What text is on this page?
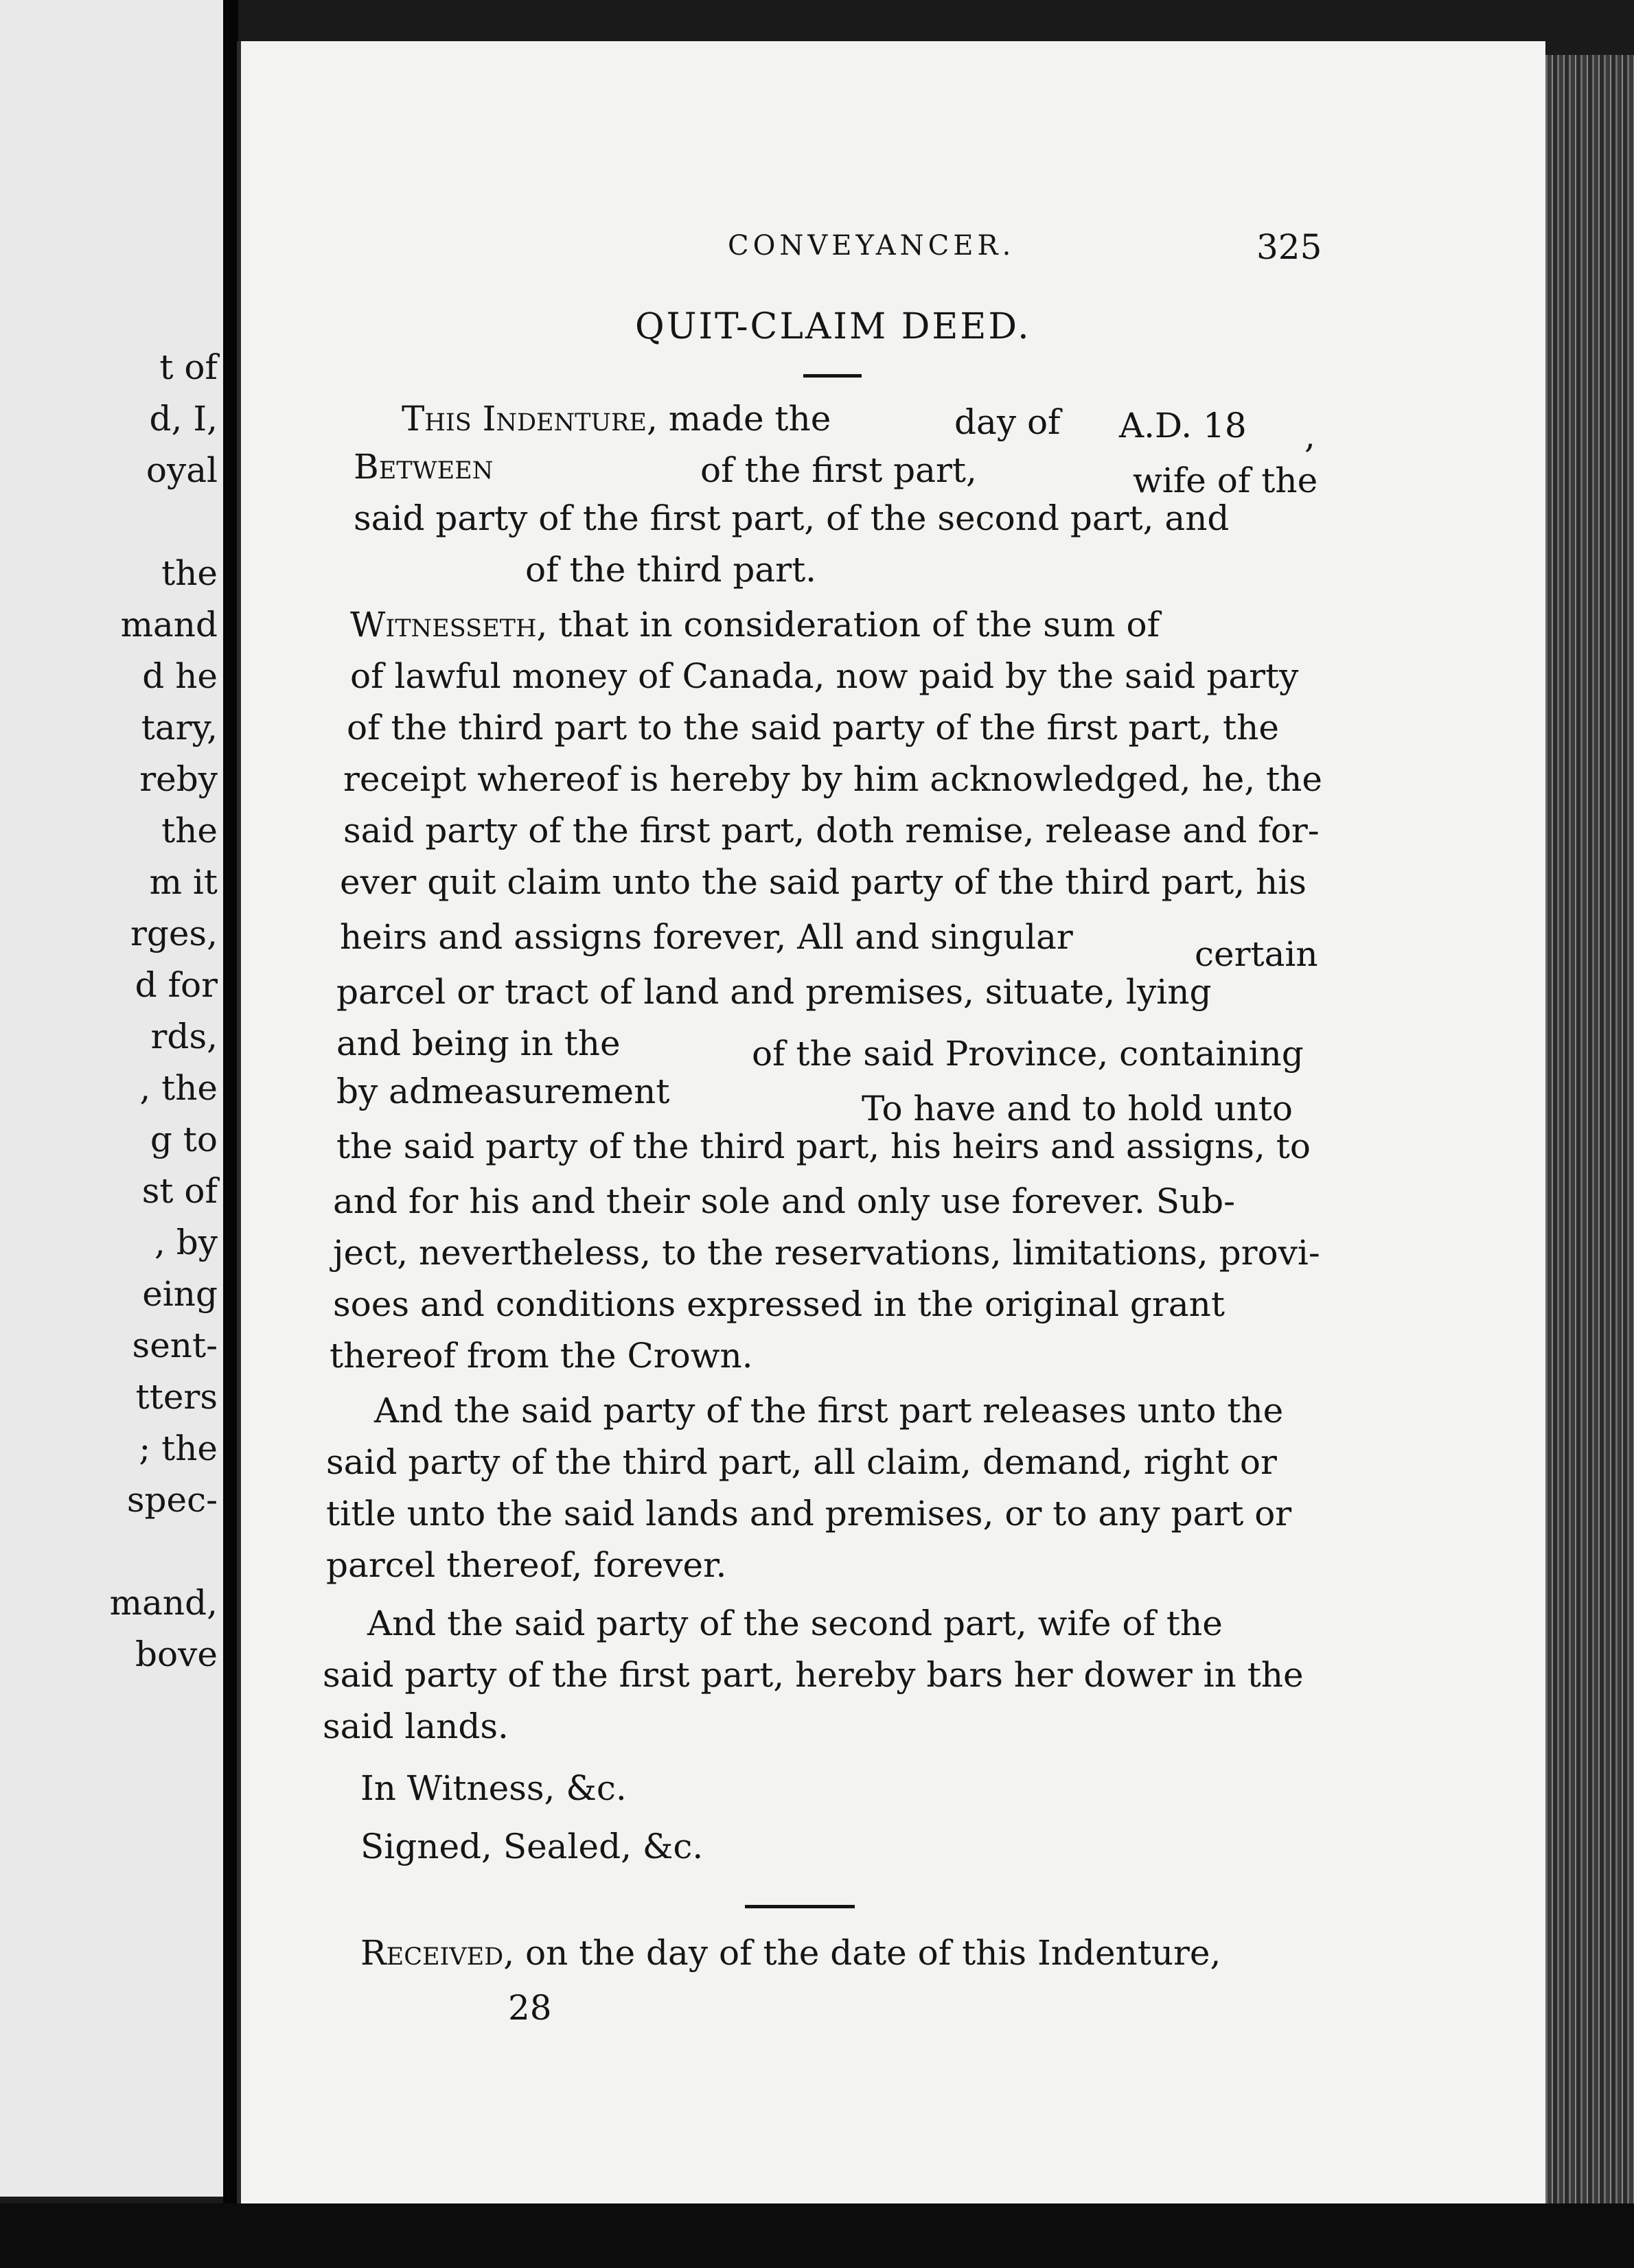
t of
d, I,
oyal
the
mand
d he
tary,
reby
the
m it
rges,
d for
rds,
, the
g to
st of
, by
eing
sent-
tters
; the
spec-
mand,
bove
CONVEYANCER.	325
QUIT-CLAIM DEED.
This Indenture, made the	day of A.D. 18 ,
Between	of the first part,	wife of the
said party of the first part, of the second part, and
of the third part.
Witnesseth, that in consideration of the sum of
of lawful money of Canada, now paid by the said party
of the third part to the said party of the first part, the
receipt whereof is hereby by him acknowledged, he, the
said party of the first part, doth remise, release and for-
ever quit claim unto the said party of the third part, his
heirs and assigns forever, All and singular	certain
parcel or tract of land and premises, situate, lying
and being in the	of the said Province, containing
by admeasurement	To have and to hold unto
the said party of the third part, his heirs and assigns, to
and for his and their sole and only use forever. Sub-
ject, nevertheless, to the reservations, limitations, provi-
soes and conditions expressed in the original grant
thereof from the Crown.
And the said party of the first part releases unto the
said party of the third part, all claim, demand, right or
title unto the said lands and premises, or to any part or
parcel thereof, forever.
And the said party of the second part, wife of the
said party of the first part, hereby bars her dower in the
said lands.
In Witness, &c.
Signed, Sealed, &c.
Received, on the day of the date of this Indenture,
28
